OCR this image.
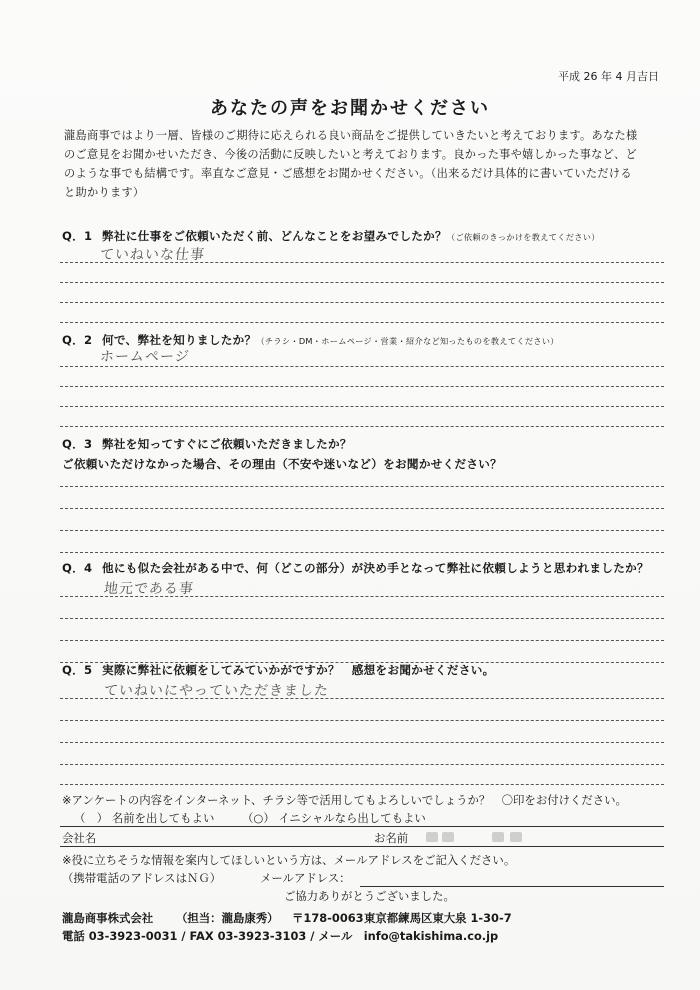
平成 26 年 4 月吉日
あなたの声をお聞かせください

瀧島商事ではより一層、皆様のご期待に応えられる良い商品をご提供していきたいと考えております。あなた様

のご意見をお聞かせいただき、今後の活動に反映したいと考えております。良かった事や嬉しかった事など、ど

のような事でも結構です。率直なご意見・ご感想をお聞かせください。（出来るだけ具体的に書いていただける

と助かります）

Q．1 弊社に仕事をご依頼いただく前、どんなことをお望みでしたか？（ご依頼のきっかけを教えてください）
ていねいな仕事
Q．2 何で、弊社を知りましたか？（チラシ・DM・ホームページ・営業・紹介など知ったものを教えてください）
ホームページ
Q．3 弊社を知ってすぐにご依頼いただきましたか？
ご依頼いただけなかった場合、その理由（不安や迷いなど）をお聞かせください？
Q．4 他にも似た会社がある中で、何（どこの部分）が決め手となって弊社に依頼しようと思われましたか？
地元である事
Q．5 実際に弊社に依頼をしてみていかがですか？　感想をお聞かせください。
ていねいにやっていただきました
※アンケートの内容をインターネット、チラシ等で活用してもよろしいでしょうか？　〇印をお付けください。
（　） 名前を出してもよい （○） イニシャルなら出してもよい
会社名	お名前
※役に立ちそうな情報を案内してほしいという方は、メールアドレスをご記入ください。
（携帯電話のアドレスはＮＧ）	メールアドレス：
ご協力ありがとうございました。
瀧島商事株式会社 （担当：瀧島康秀） 〒178-0063 東京都練馬区東大泉 1-30-7
電話 03-3923-0031 / FAX 03-3923-3103 / メール　info@takishima.co.jp
